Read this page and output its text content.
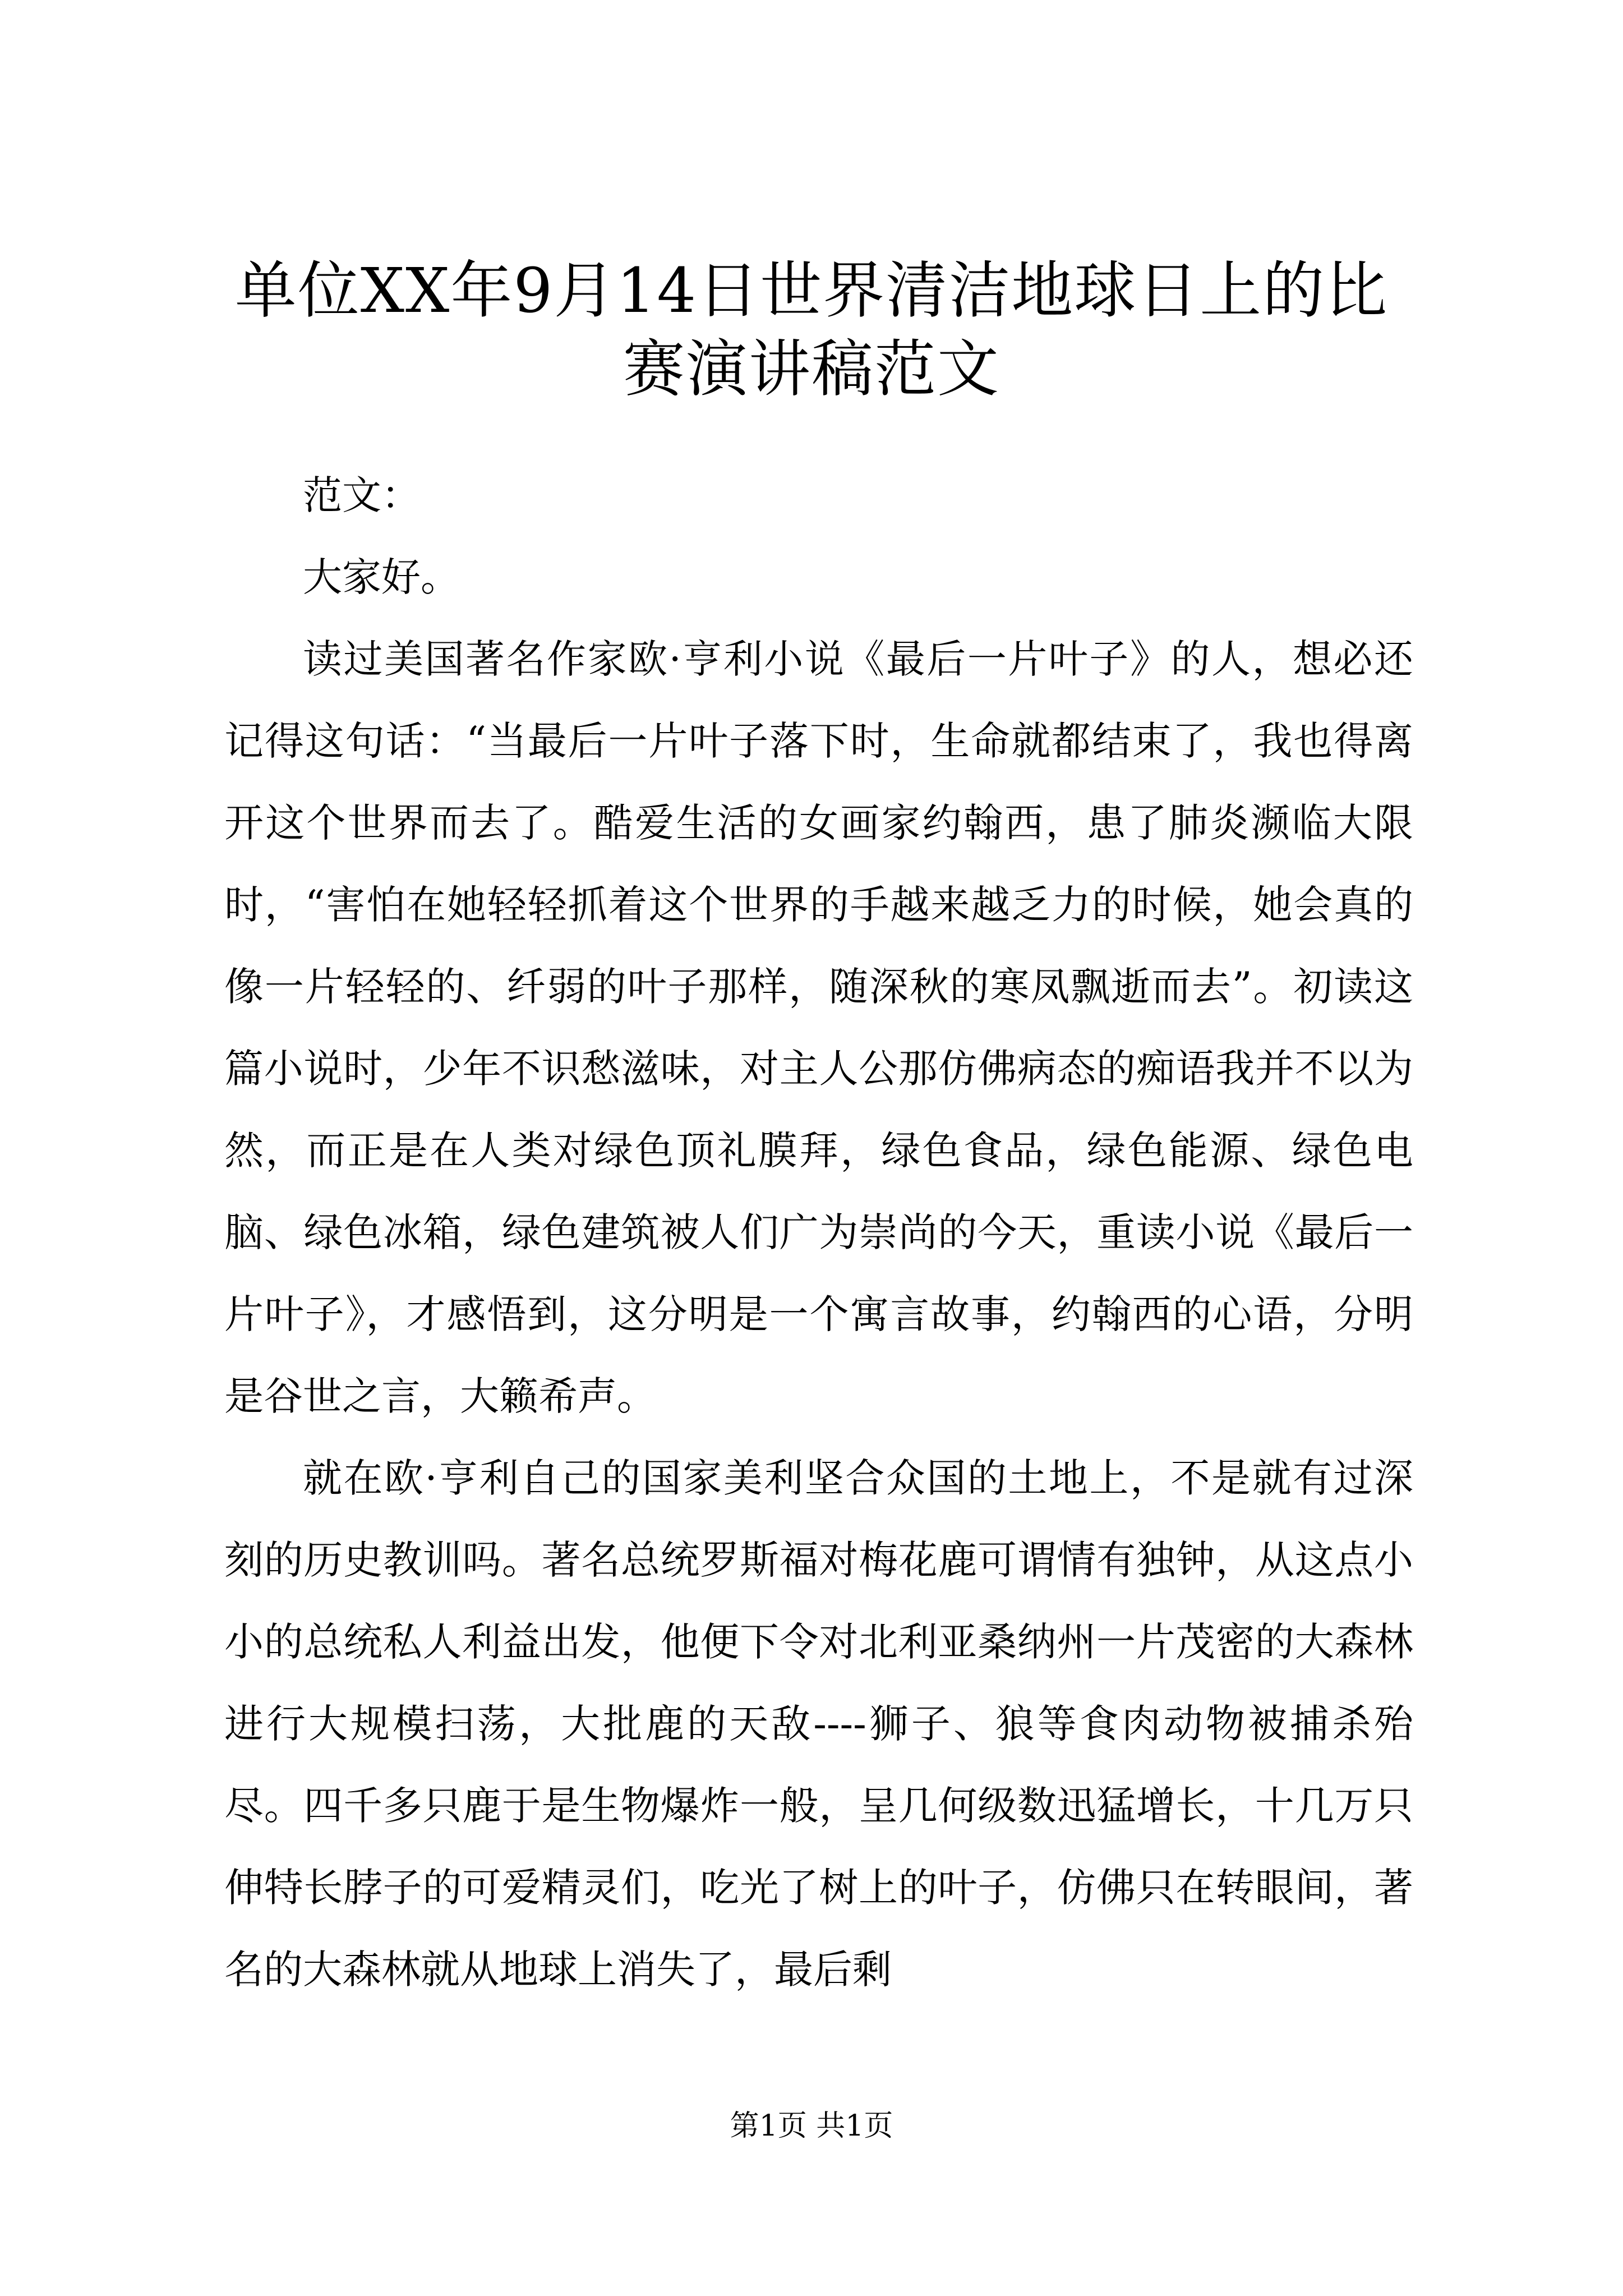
单位XX年9月14日世界清洁地球日上的比赛演讲稿范文

范文：

大家好。

读过美国著名作家欧·亨利小说《最后一片叶子》的人，想必还记得这句话：“当最后一片叶子落下时，生命就都结束了，我也得离开这个世界而去了。酷爱生活的女画家约翰西，患了肺炎濒临大限时，“害怕在她轻轻抓着这个世界的手越来越乏力的时候，她会真的像一片轻轻的、纤弱的叶子那样，随深秋的寒凤飘逝而去”。初读这篇小说时，少年不识愁滋味，对主人公那仿佛病态的痴语我并不以为然，而正是在人类对绿色顶礼膜拜，绿色食品，绿色能源、绿色电脑、绿色冰箱，绿色建筑被人们广为崇尚的今天，重读小说《最后一片叶子》，才感悟到，这分明是一个寓言故事，约翰西的心语，分明是谷世之言，大籁希声。

就在欧·亨利自己的国家美利坚合众国的土地上，不是就有过深刻的历史教训吗。著名总统罗斯福对梅花鹿可谓情有独钟，从这点小小的总统私人利益出发，他便下令对北利亚桑纳州一片茂密的大森林进行大规模扫荡，大批鹿的天敌----狮子、狼等食肉动物被捕杀殆尽。四千多只鹿于是生物爆炸一般，呈几何级数迅猛增长，十几万只伸特长脖子的可爱精灵们，吃光了树上的叶子，仿佛只在转眼间，著名的大森林就从地球上消失了，最后剩

第1页 共1页
